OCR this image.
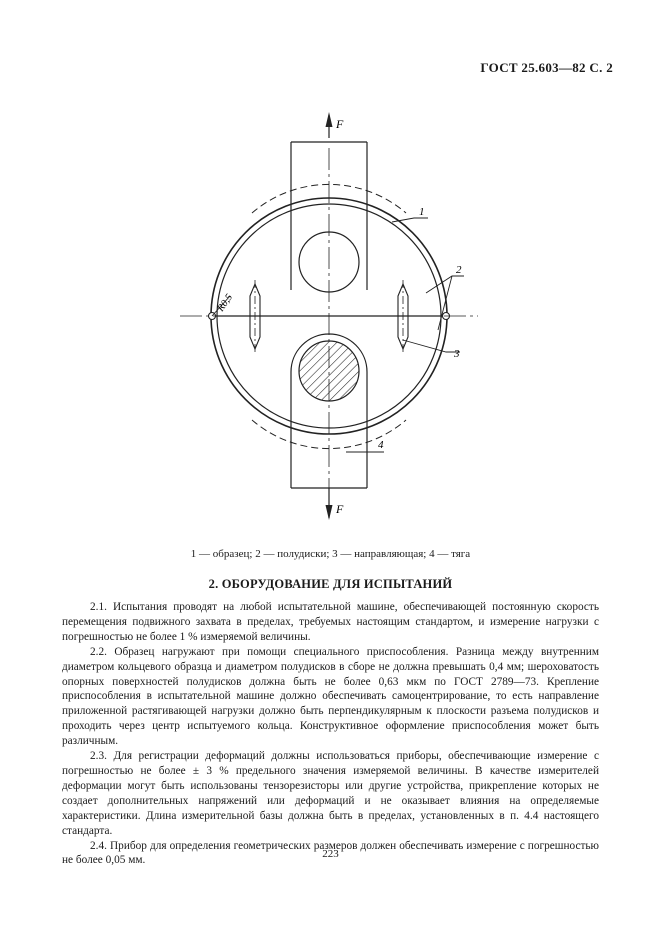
ГОСТ 25.603—82 С. 2
F
R0,5
1
2
3
4
F
1 — образец; 2 — полудиски; 3 — направляющая; 4 — тяга
2. ОБОРУДОВАНИЕ ДЛЯ ИСПЫТАНИЙ

2.1. Испытания проводят на любой испытательной машине, обеспечивающей постоянную скорость перемещения подвижного захвата в пределах, требуемых настоящим стандартом, и измерение нагрузки с погрешностью не более 1 % измеряемой величины.

2.2. Образец нагружают при помощи специального приспособления. Разница между внутренним диаметром кольцевого образца и диаметром полудисков в сборе не должна превышать 0,4 мм; шероховатость опорных поверхностей полудисков должна быть не более 0,63 мкм по ГОСТ 2789—73. Крепление приспособления в испытательной машине должно обеспечивать самоцентрирование, то есть направление приложенной растягивающей нагрузки должно быть перпендикулярным к плоскости разъема полудисков и проходить через центр испытуемого кольца. Конструктивное оформление приспособления может быть различным.

2.3. Для регистрации деформаций должны использоваться приборы, обеспечивающие измерение с погрешностью не более ± 3 % предельного значения измеряемой величины. В качестве измерителей деформации могут быть использованы тензорезисторы или другие устройства, прикрепление которых не создает дополнительных напряжений или деформаций и не оказывает влияния на определяемые характеристики. Длина измерительной базы должна быть в пределах, установленных в п. 4.4 настоящего стандарта.

2.4. Прибор для определения геометрических размеров должен обеспечивать измерение с погрешностью не более 0,05 мм.

223
